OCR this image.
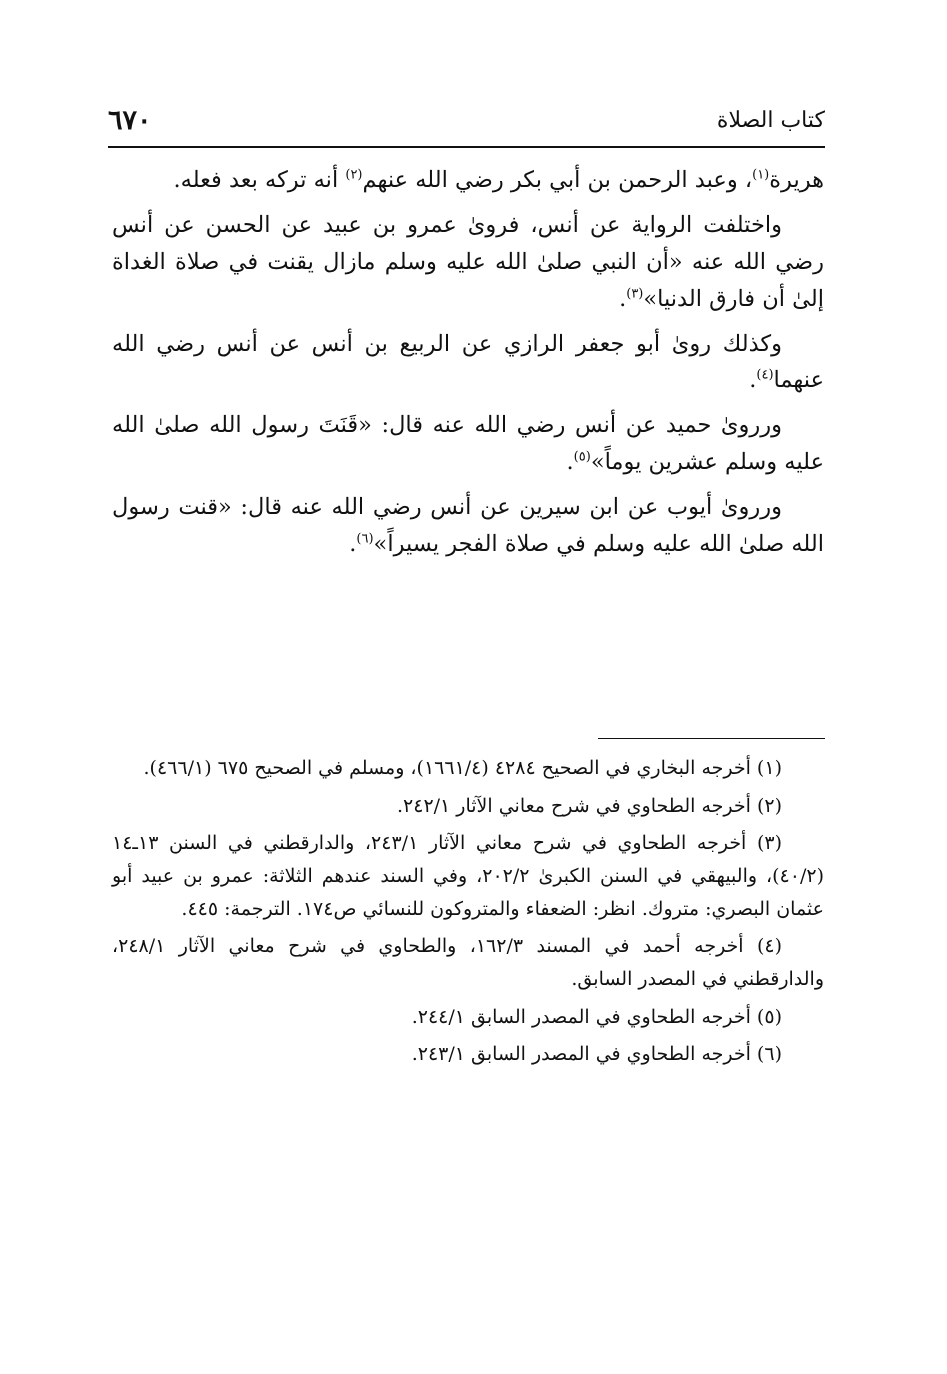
٦٧٠	كتاب الصلاة

هريرة$^{(١)}$، وعبد الرحمن بن أبي بكر رضي الله عنهم$^{(٢)}$ أنه تركه بعد فعله.

واختلفت الرواية عن أنس، فروىٰ عمرو بن عبيد عن الحسن عن أنس رضي الله عنه «أن النبي صلىٰ الله عليه وسلم مازال يقنت في صلاة الغداة إلىٰ أن فارق الدنيا»$^{(٣)}$.

وكذلك روىٰ أبو جعفر الرازي عن الربيع بن أنس عن أنس رضي الله عنهما$^{(٤)}$.

ورروىٰ حميد عن أنس رضي الله عنه قال: «قَنَتَ رسول الله صلىٰ الله عليه وسلم عشرين يوماً»$^{(٥)}$.

ورروىٰ أيوب عن ابن سيرين عن أنس رضي الله عنه قال: «قنت رسول الله صلىٰ الله عليه وسلم في صلاة الفجر يسيراً»$^{(٦)}$.

(١) أخرجه البخاري في الصحيح ٤٢٨٤ (١٦٦١/٤)، ومسلم في الصحيح ٦٧٥ (٤٦٦/١).

(٢) أخرجه الطحاوي في شرح معاني الآثار ٢٤٢/١.

(٣) أخرجه الطحاوي في شرح معاني الآثار ٢٤٣/١، والدارقطني في السنن ١٣ـ١٤ (٤٠/٢)، والبيهقي في السنن الكبرىٰ ٢٠٢/٢، وفي السند عندهم الثلاثة: عمرو بن عبيد أبو عثمان البصري: متروك. انظر: الضعفاء والمتروكون للنسائي ص١٧٤. الترجمة: ٤٤٥.

(٤) أخرجه أحمد في المسند ١٦٢/٣، والطحاوي في شرح معاني الآثار ٢٤٨/١، والدارقطني في المصدر السابق.

(٥) أخرجه الطحاوي في المصدر السابق ٢٤٤/١.

(٦) أخرجه الطحاوي في المصدر السابق ٢٤٣/١.
